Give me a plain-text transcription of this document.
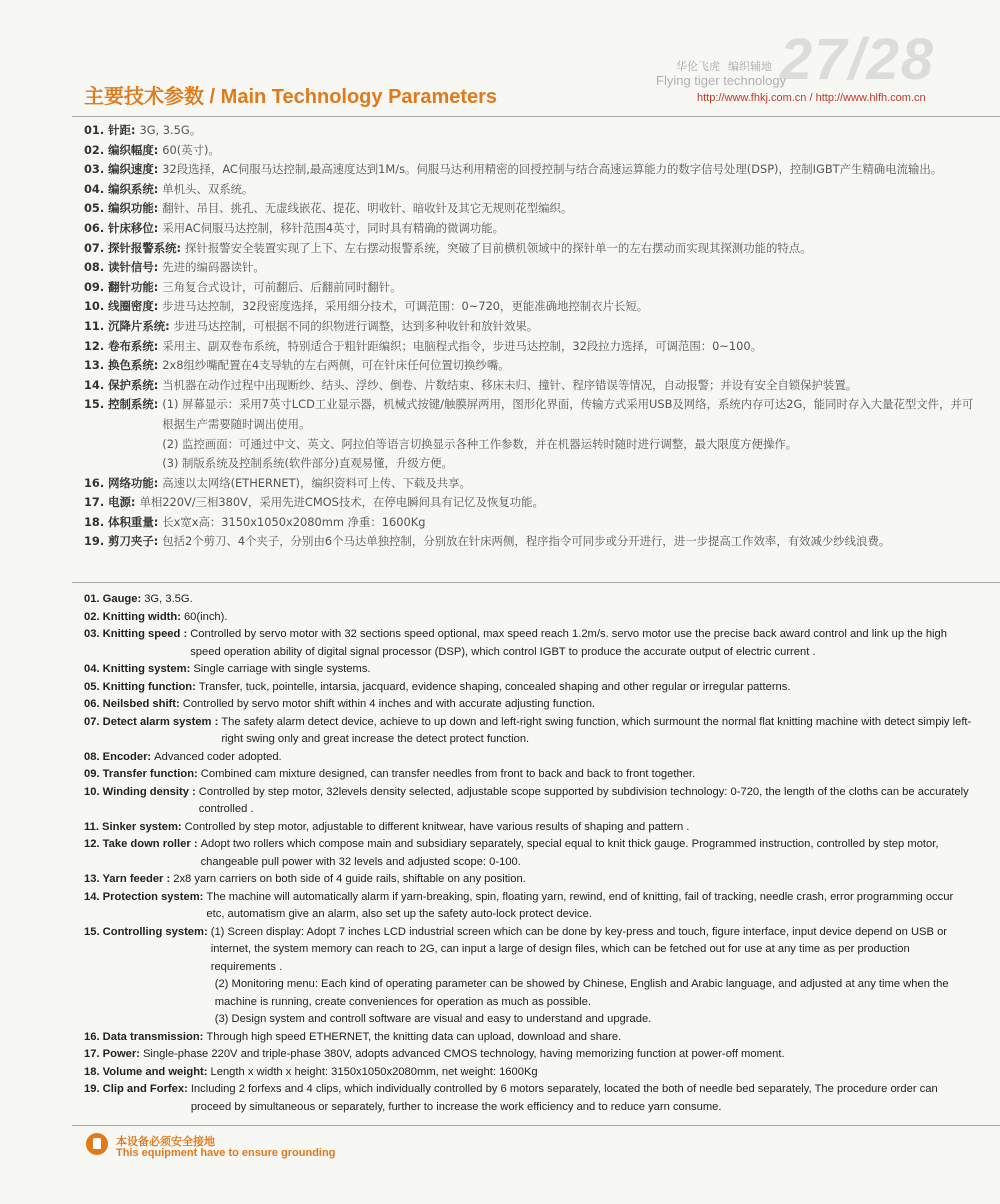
27/28
华伦飞虎 编织辅地
Flying tiger technology
http://www.fhkj.com.cn / http://www.hlfh.com.cn
主要技术参数 / Main Technology Parameters
01. 针距: 3G, 3.5G。
02. 编织幅度: 60(英寸)。
03. 编织速度: 32段选择，AC伺服马达控制,最高速度达到1M/s。伺服马达利用精密的回授控制与结合高速运算能力的数字信号处理(DSP)，控制IGBT产生精确电流输出。
04. 编织系统: 单机头、双系统。
05. 编织功能: 翻针、吊目、挑孔、无虚线嵌花、提花、明收针、暗收针及其它无规则花型编织。
06. 针床移位: 采用AC伺服马达控制，移针范围4英寸，同时具有精确的微调功能。
07. 探针报警系统: 探针报警安全装置实现了上下、左右摆动报警系统，突破了目前横机领域中的探针单一的左右摆动而实现其探测功能的特点。
08. 读针信号: 先进的编码器读针。
09. 翻针功能: 三角复合式设计，可前翻后、后翻前同时翻针。
10. 线圈密度: 步进马达控制，32段密度选择，采用细分技术，可调范围：0~720，更能准确地控制衣片长短。
11. 沉降片系统: 步进马达控制，可根据不同的织物进行调整，达到多种收针和放针效果。
12. 卷布系统: 采用主、副双卷布系统，特别适合于粗针距编织；电脑程式指令，步进马达控制，32段拉力选择，可调范围：0~100。
13. 换色系统: 2x8组纱嘴配置在4支导轨的左右两侧，可在针床任何位置切换纱嘴。
14. 保护系统: 当机器在动作过程中出现断纱、结头、浮纱、倒卷、片数结束、移床未归、撞针、程序错误等情况，自动报警；并设有安全自锁保护装置。
15. 控制系统: (1) 屏幕显示：采用7英寸LCD工业显示器，机械式按键/触膜屏两用，图形化界面，传输方式采用USB及网络，系统内存可达2G，能同时存入大量花型文件，并可根据生产需要随时调出使用。
(2) 监控画面：可通过中文、英文、阿拉伯等语言切换显示各种工作参数，并在机器运转时随时进行调整，最大限度方便操作。
(3) 制版系统及控制系统(软件部分)直观易懂，升级方便。
16. 网络功能: 高速以太网络(ETHERNET)，编织资料可上传、下载及共享。
17. 电源: 单相220V/三相380V，采用先进CMOS技术，在停电瞬间具有记忆及恢复功能。
18. 体积重量: 长x宽x高：3150x1050x2080mm 净重：1600Kg
19. 剪刀夹子: 包括2个剪刀、4个夹子，分别由6个马达单独控制，分别放在针床两侧，程序指令可同步或分开进行，进一步提高工作效率，有效减少纱线浪费。
01. Gauge: 3G, 3.5G.
02. Knitting width: 60(inch).
03. Knitting speed : Controlled by servo motor with 32 sections speed optional, max speed reach 1.2m/s. servo motor use the precise back award control and link up the high speed operation ability of digital signal processor (DSP), which control IGBT to produce the accurate output of electric current .
04. Knitting system: Single carriage with single systems.
05. Knitting function: Transfer, tuck, pointelle, intarsia, jacquard, evidence shaping, concealed shaping and other regular or irregular patterns.
06. Neilsbed shift: Controlled by servo motor shift within 4 inches and with accurate adjusting function.
07. Detect alarm system : The safety alarm detect device, achieve to up down and left-right swing function, which surmount the normal flat knitting machine with detect simpiy left-right swing only and great increase the detect protect function.
08. Encoder: Advanced coder adopted.
09. Transfer function: Combined cam mixture designed, can transfer needles from front to back and back to front together.
10. Winding density : Controlled by step motor, 32levels density selected, adjustable scope supported by subdivision technology: 0-720, the length of the cloths can be accurately controlled .
11. Sinker system: Controlled by step motor, adjustable to different knitwear, have various results of shaping and pattern .
12. Take down roller : Adopt two rollers which compose main and subsidiary separately, special equal to knit thick gauge. Programmed instruction, controlled by step motor, changeable pull power with 32 levels and adjusted scope: 0-100.
13. Yarn feeder : 2x8 yarn carriers on both side of 4 guide rails, shiftable on any position.
14. Protection system: The machine will automatically alarm if yarn-breaking, spin, floating yarn, rewind, end of knitting, fail of tracking, needle crash, error programming occur etc, automatism give an alarm, also set up the safety auto-lock protect device.
15. Controlling system: (1) Screen display: Adopt 7 inches LCD industrial screen which can be done by key-press and touch, figure interface, input device depend on USB or internet, the system memory can reach to 2G, can input a large of design files, which can be fetched out for use at any time as per production requirements .
(2) Monitoring menu: Each kind of operating parameter can be showed by Chinese, English and Arabic language, and adjusted at any time when the machine is running, create conveniences for operation as much as possible.
(3) Design system and controll software are visual and easy to understand and upgrade.
16. Data transmission: Through high speed ETHERNET, the knitting data can upload, download and share.
17. Power: Single-phase 220V and triple-phase 380V, adopts advanced CMOS technology, having memorizing function at power-off moment.
18. Volume and weight: Length x width x height: 3150x1050x2080mm, net weight: 1600Kg
19. Clip and Forfex: Including 2 forfexs and 4 clips, which individually controlled by 6 motors separately, located the both of needle bed separately, The procedure order can proceed by simultaneous or separately, further to increase the work efficiency and to reduce yarn consume.
本设备必须安全接地
This equipment have to ensure grounding
